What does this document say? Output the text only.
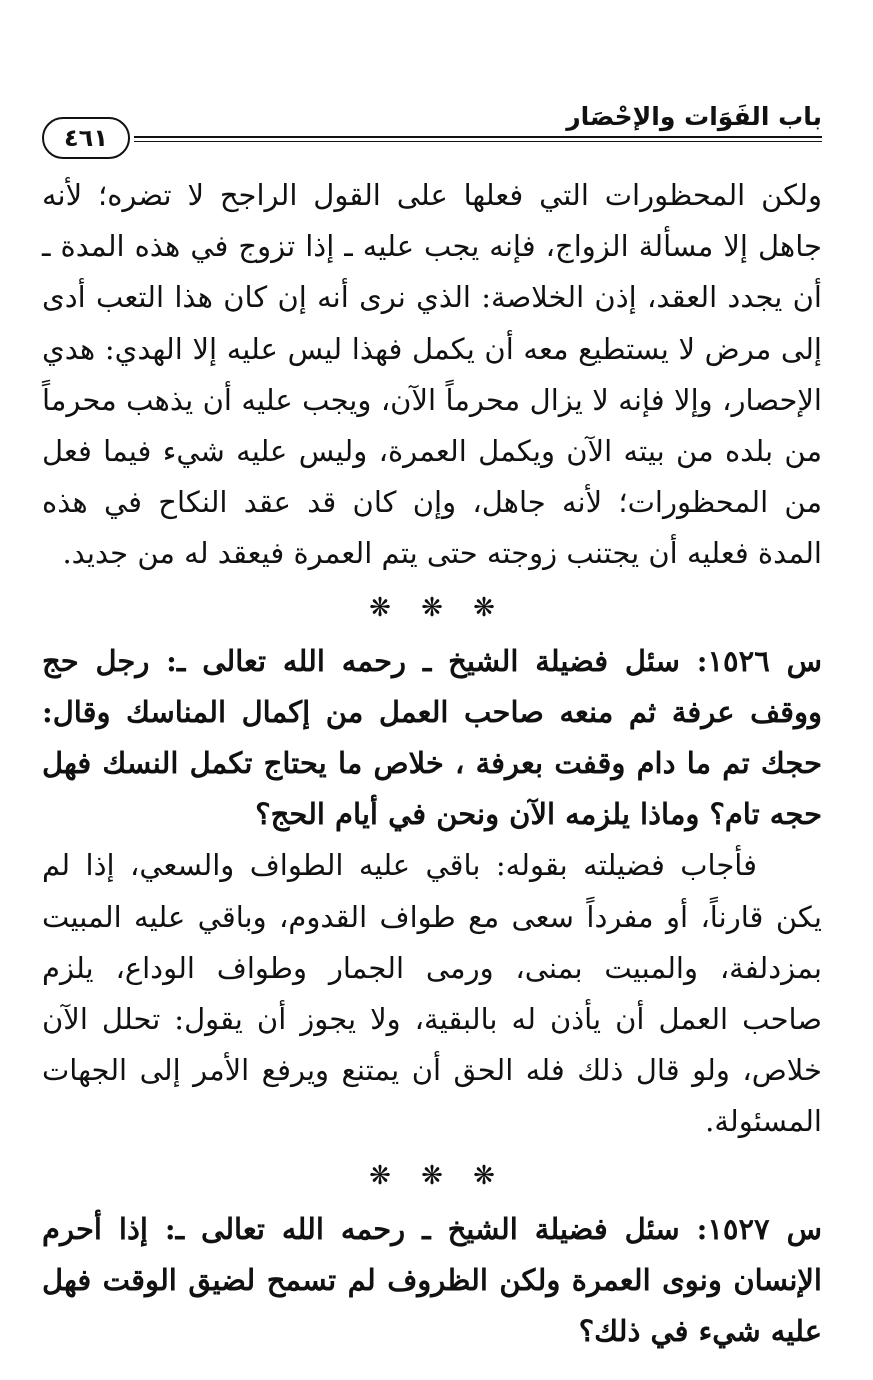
باب الفَوَات والإحْصَار
٤٦١

ولكن المحظورات التي فعلها على القول الراجح لا تضره؛ لأنه جاهل إلا مسألة الزواج، فإنه يجب عليه ـ إذا تزوج في هذه المدة ـ أن يجدد العقد، إذن الخلاصة: الذي نرى أنه إن كان هذا التعب أدى إلى مرض لا يستطيع معه أن يكمل فهذا ليس عليه إلا الهدي: هدي الإحصار، وإلا فإنه لا يزال محرماً الآن، ويجب عليه أن يذهب محرماً من بلده من بيته الآن ويكمل العمرة، وليس عليه شيء فيما فعل من المحظورات؛ لأنه جاهل، وإن كان قد عقد النكاح في هذه المدة فعليه أن يجتنب زوجته حتى يتم العمرة فيعقد له من جديد.

❋ ❋ ❋

س ١٥٢٦: سئل فضيلة الشيخ ـ رحمه الله تعالى ـ: رجل حج ووقف عرفة ثم منعه صاحب العمل من إكمال المناسك وقال: حجك تم ما دام وقفت بعرفة ، خلاص ما يحتاج تكمل النسك فهل حجه تام؟ وماذا يلزمه الآن ونحن في أيام الحج؟

فأجاب فضيلته بقوله: باقي عليه الطواف والسعي، إذا لم يكن قارناً، أو مفرداً سعى مع طواف القدوم، وباقي عليه المبيت بمزدلفة، والمبيت بمنى، ورمى الجمار وطواف الوداع، يلزم صاحب العمل أن يأذن له بالبقية، ولا يجوز أن يقول: تحلل الآن خلاص، ولو قال ذلك فله الحق أن يمتنع ويرفع الأمر إلى الجهات المسئولة.

❋ ❋ ❋

س ١٥٢٧: سئل فضيلة الشيخ ـ رحمه الله تعالى ـ: إذا أحرم الإنسان ونوى العمرة ولكن الظروف لم تسمح لضيق الوقت فهل عليه شيء في ذلك؟
